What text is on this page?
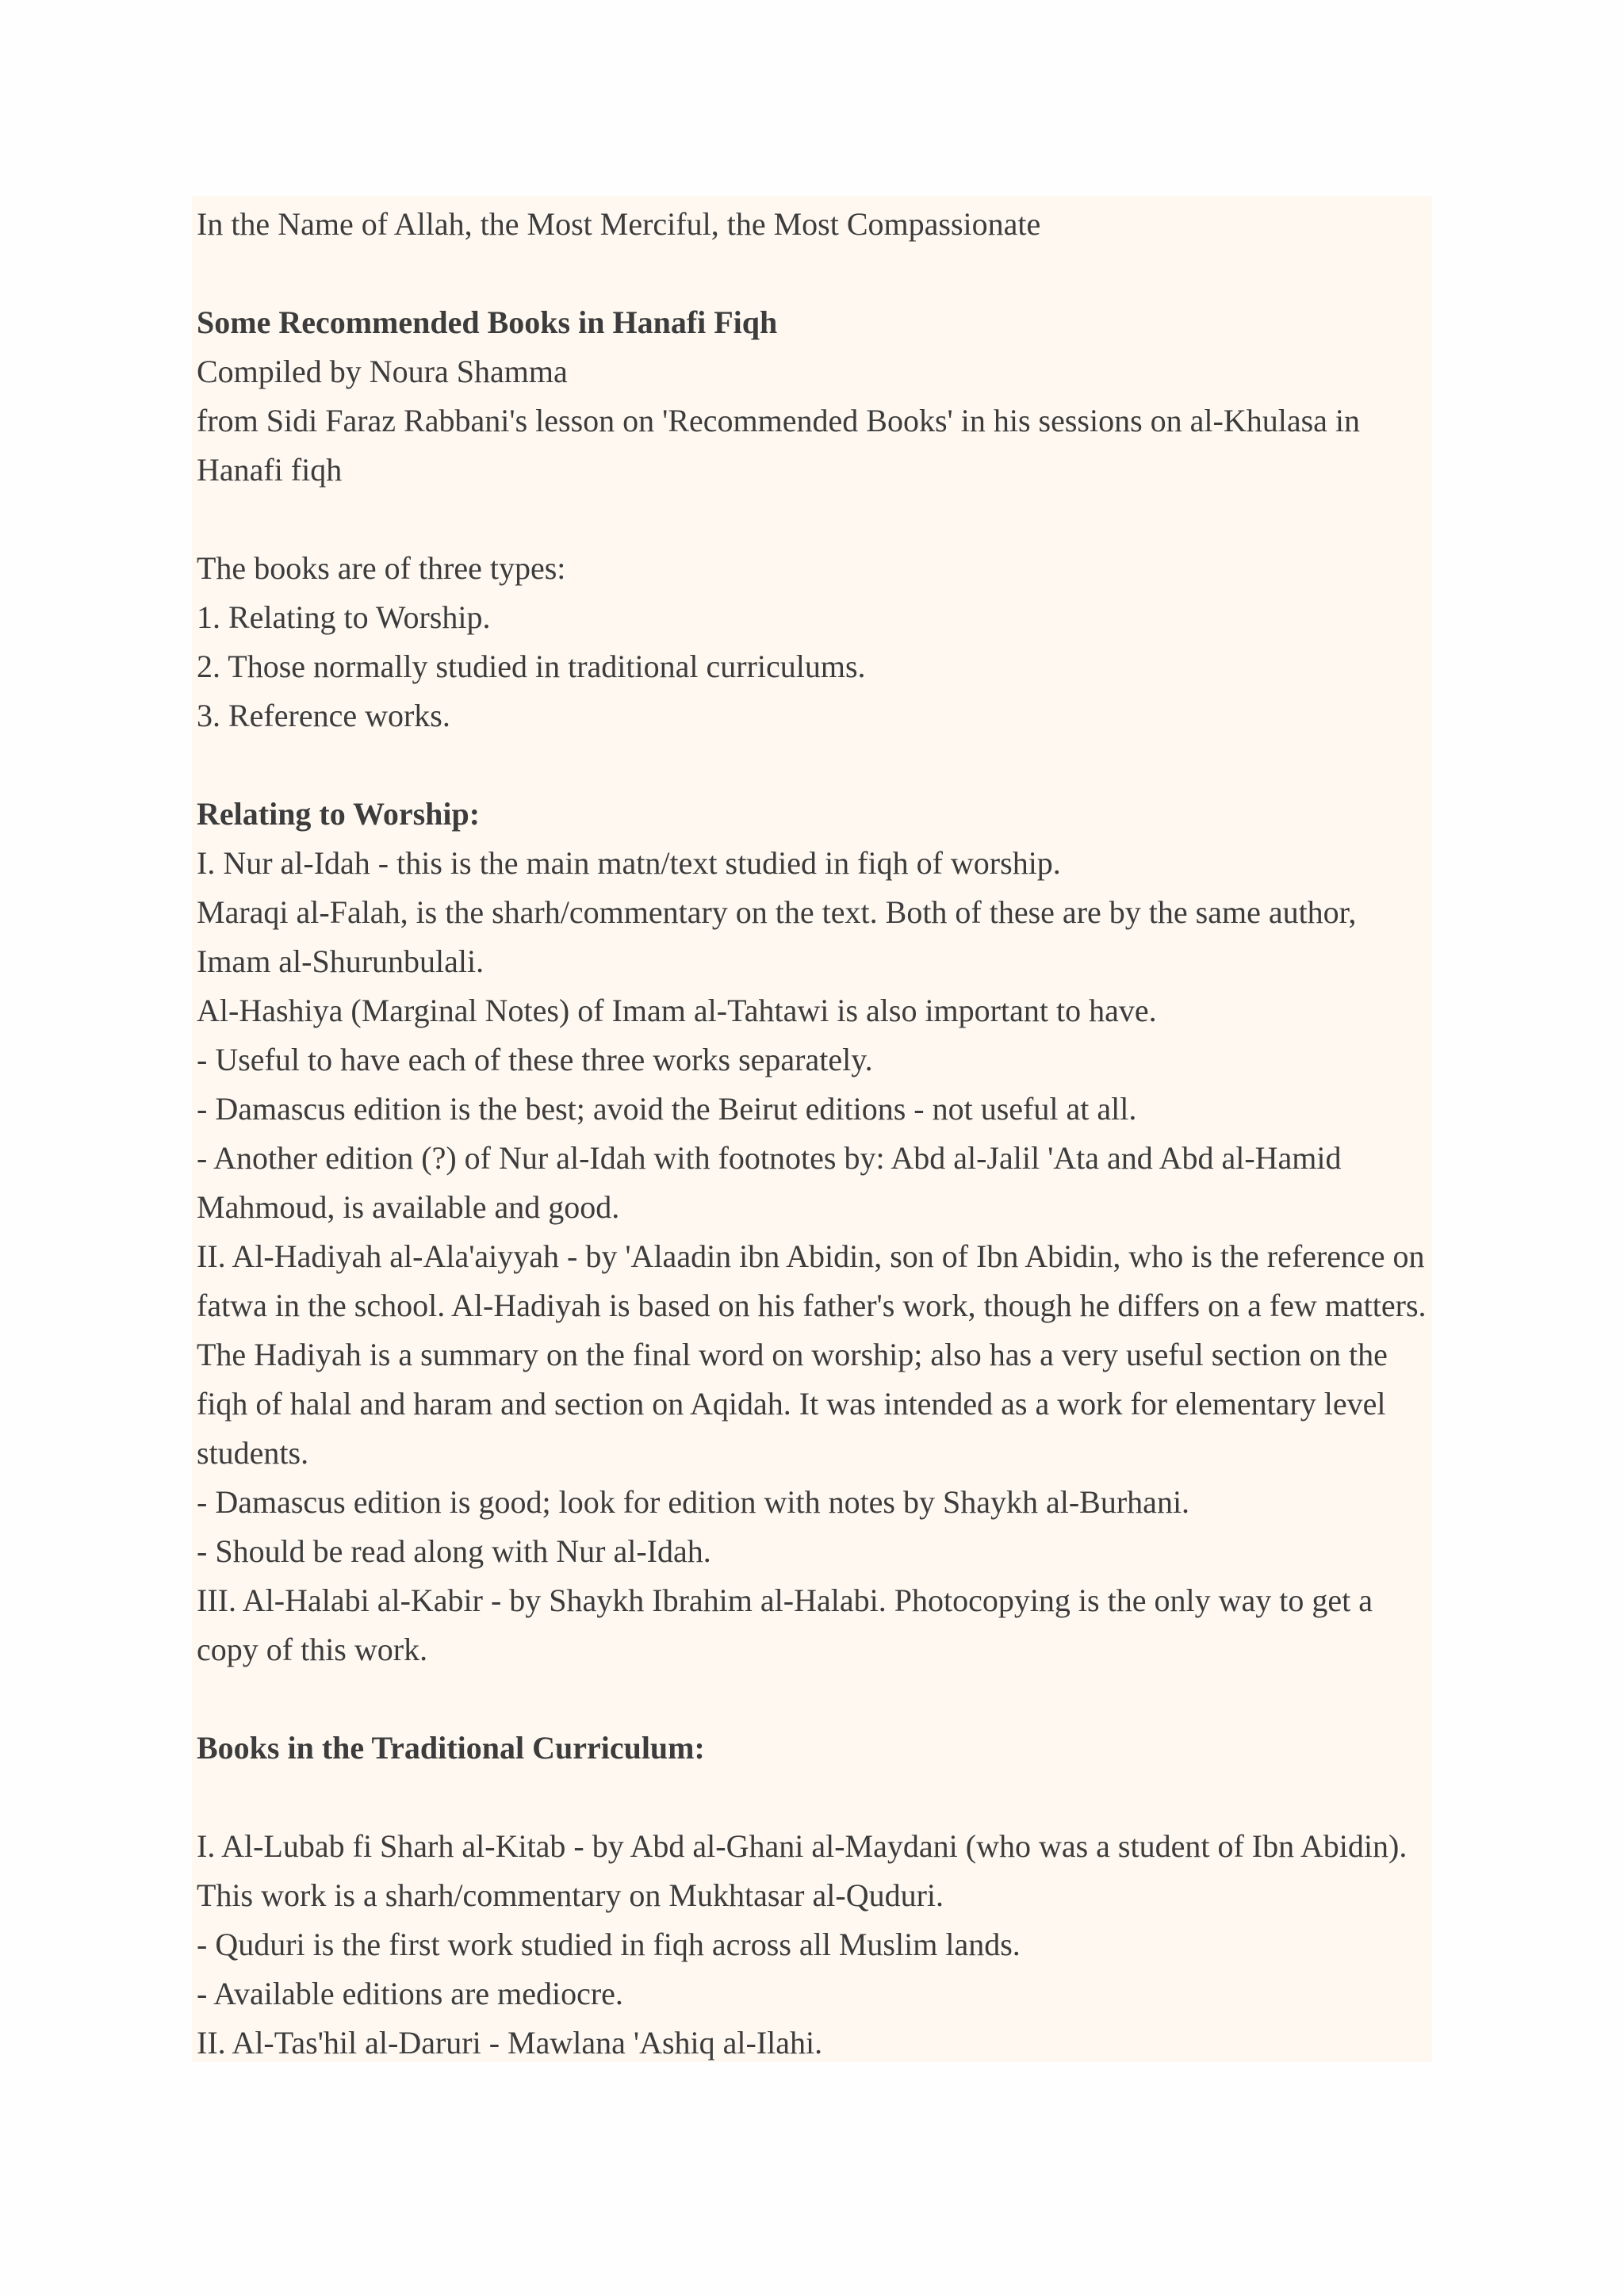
In the Name of Allah, the Most Merciful, the Most Compassionate

Some Recommended Books in Hanafi Fiqh

Compiled by Noura Shamma

from Sidi Faraz Rabbani's lesson on 'Recommended Books' in his sessions on al-Khulasa in Hanafi fiqh

The books are of three types:

1. Relating to Worship.

2. Those normally studied in traditional curriculums.

3. Reference works.

Relating to Worship:

I. Nur al-Idah - this is the main matn/text studied in fiqh of worship.

Maraqi al-Falah, is the sharh/commentary on the text. Both of these are by the same author, Imam al-Shurunbulali.

Al-Hashiya (Marginal Notes) of Imam al-Tahtawi is also important to have.

- Useful to have each of these three works separately.

- Damascus edition is the best; avoid the Beirut editions - not useful at all.

- Another edition (?) of Nur al-Idah with footnotes by: Abd al-Jalil 'Ata and Abd al-Hamid Mahmoud, is available and good.

II. Al-Hadiyah al-Ala'aiyyah - by 'Alaadin ibn Abidin, son of Ibn Abidin, who is the reference on fatwa in the school. Al-Hadiyah is based on his father's work, though he differs on a few matters. The Hadiyah is a summary on the final word on worship; also has a very useful section on the fiqh of halal and haram and section on Aqidah. It was intended as a work for elementary level students.

- Damascus edition is good; look for edition with notes by Shaykh al-Burhani.

- Should be read along with Nur al-Idah.

III. Al-Halabi al-Kabir - by Shaykh Ibrahim al-Halabi. Photocopying is the only way to get a copy of this work.

Books in the Traditional Curriculum:

I. Al-Lubab fi Sharh al-Kitab - by Abd al-Ghani al-Maydani (who was a student of Ibn Abidin). This work is a sharh/commentary on Mukhtasar al-Quduri.

- Quduri is the first work studied in fiqh across all Muslim lands.

- Available editions are mediocre.

II. Al-Tas'hil al-Daruri - Mawlana 'Ashiq al-Ilahi.
